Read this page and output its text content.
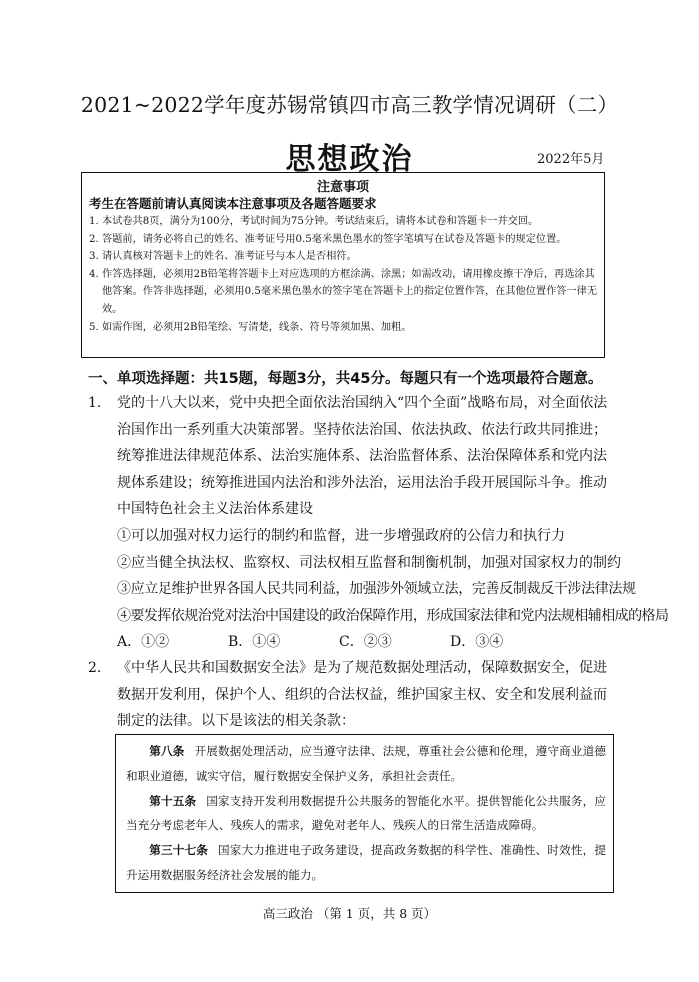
2021~2022学年度苏锡常镇四市高三教学情况调研（二）
思想政治	2022年5月
注意事项
考生在答题前请认真阅读本注意事项及各题答题要求
1. 本试卷共8页，满分为100分，考试时间为75分钟。考试结束后，请将本试卷和答题卡一并交回。
2. 答题前，请务必将自己的姓名、准考证号用0.5毫米黑色墨水的签字笔填写在试卷及答题卡的规定位置。
3. 请认真核对答题卡上的姓名、准考证号与本人是否相符。
4. 作答选择题，必须用2B铅笔将答题卡上对应选项的方框涂满、涂黑；如需改动，请用橡皮擦干净后，再选涂其他答案。作答非选择题，必须用0.5毫米黑色墨水的签字笔在答题卡上的指定位置作答，在其他位置作答一律无效。
5. 如需作图，必须用2B铅笔绘、写清楚，线条、符号等须加黑、加粗。
一、单项选择题：共15题，每题3分，共45分。每题只有一个选项最符合题意。
1.	党的十八大以来，党中央把全面依法治国纳入“四个全面”战略布局，对全面依法治国作出一系列重大决策部署。坚持依法治国、依法执政、依法行政共同推进；统筹推进法律规范体系、法治实施体系、法治监督体系、法治保障体系和党内法规体系建设；统筹推进国内法治和涉外法治，运用法治手段开展国际斗争。推动中国特色社会主义法治体系建设
①可以加强对权力运行的制约和监督，进一步增强政府的公信力和执行力
②应当健全执法权、监察权、司法权相互监督和制衡机制，加强对国家权力的制约
③应立足维护世界各国人民共同利益，加强涉外领域立法，完善反制裁反干涉法律法规
④要发挥依规治党对法治中国建设的政治保障作用，形成国家法律和党内法规相辅相成的格局
A．①②	B．①④	C．②③	D．③④
2.	《中华人民共和国数据安全法》是为了规范数据处理活动，保障数据安全，促进数据开发利用，保护个人、组织的合法权益，维护国家主权、安全和发展利益而制定的法律。以下是该法的相关条款：
第八条 开展数据处理活动，应当遵守法律、法规，尊重社会公德和伦理，遵守商业道德和职业道德，诚实守信，履行数据安全保护义务，承担社会责任。
第十五条 国家支持开发利用数据提升公共服务的智能化水平。提供智能化公共服务，应当充分考虑老年人、残疾人的需求，避免对老年人、残疾人的日常生活造成障碍。
第三十七条 国家大力推进电子政务建设，提高政务数据的科学性、准确性、时效性，提升运用数据服务经济社会发展的能力。
高三政治 （第 1 页，共 8 页）
